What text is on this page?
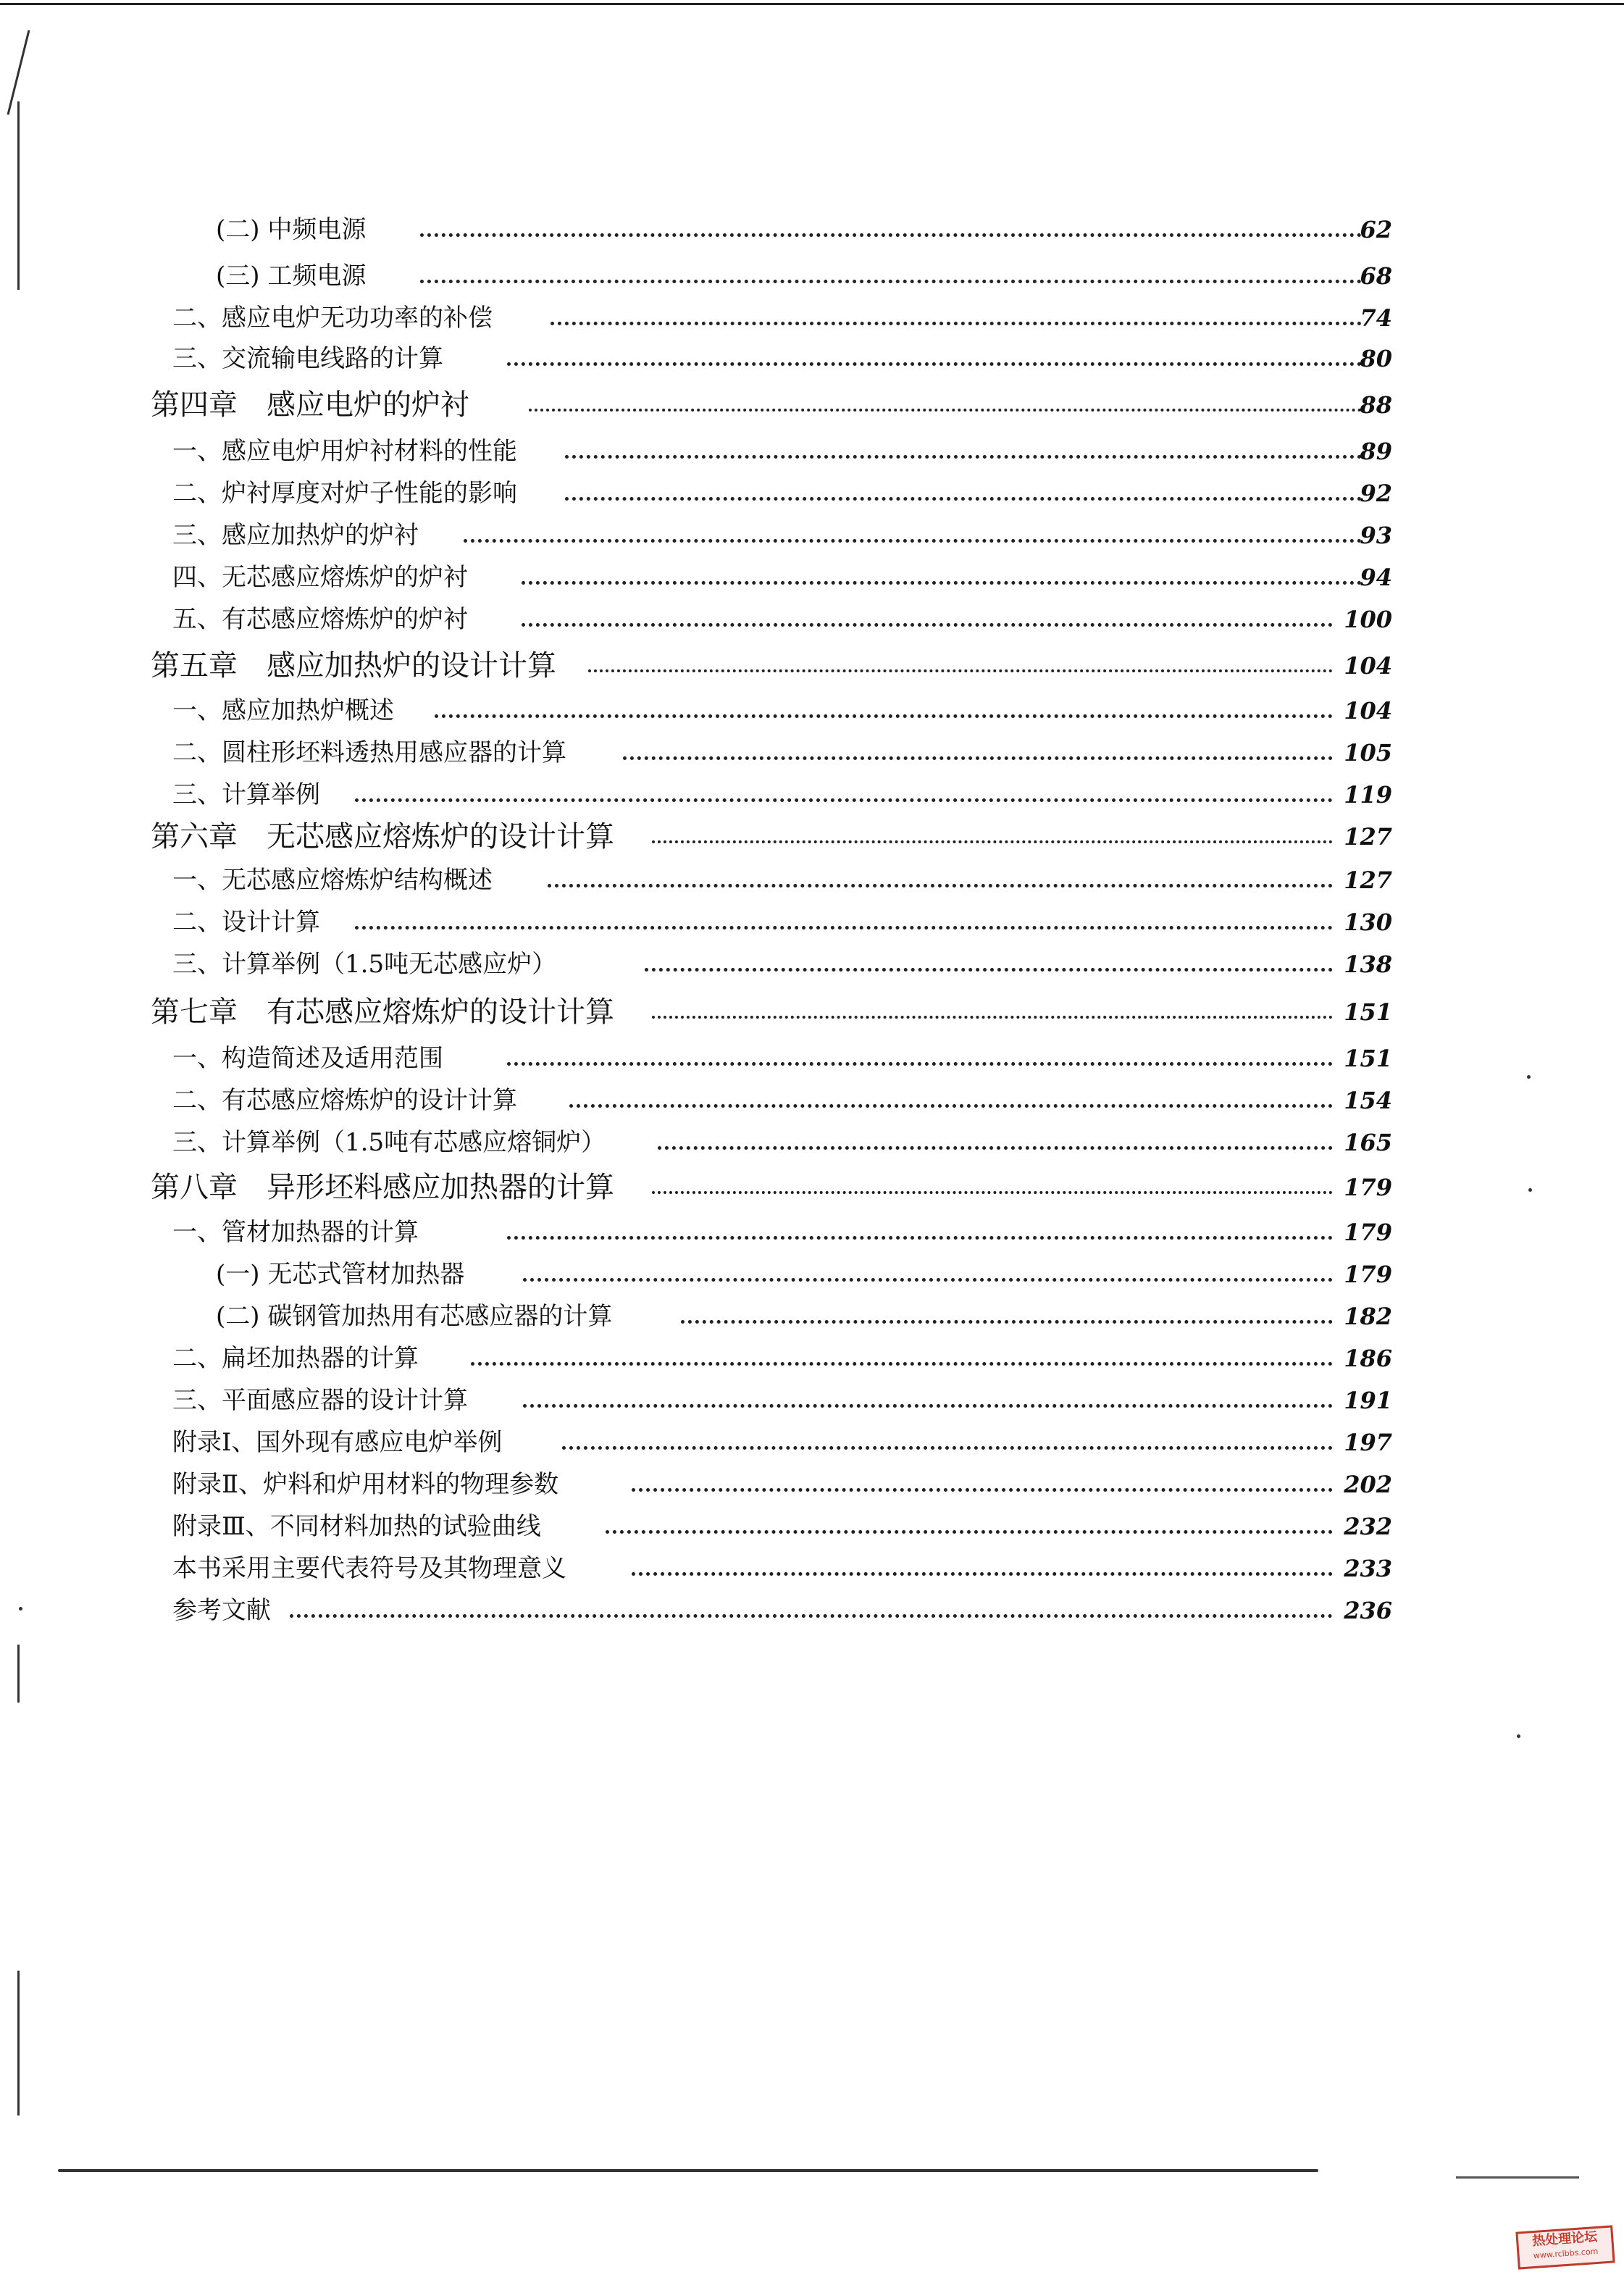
(二) 中频电源	62
(三) 工频电源	68
二、感应电炉无功功率的补偿	74
三、交流输电线路的计算	80
第四章　感应电炉的炉衬	88
一、感应电炉用炉衬材料的性能	89
二、炉衬厚度对炉子性能的影响	92
三、感应加热炉的炉衬	93
四、无芯感应熔炼炉的炉衬	94
五、有芯感应熔炼炉的炉衬	100
第五章　感应加热炉的设计计算	104
一、感应加热炉概述	104
二、圆柱形坯料透热用感应器的计算	105
三、计算举例	119
第六章　无芯感应熔炼炉的设计计算	127
一、无芯感应熔炼炉结构概述	127
二、设计计算	130
三、计算举例（1.5吨无芯感应炉）	138
第七章　有芯感应熔炼炉的设计计算	151
一、构造简述及适用范围	151
二、有芯感应熔炼炉的设计计算	154
三、计算举例（1.5吨有芯感应熔铜炉）	165
第八章　异形坯料感应加热器的计算	179
一、管材加热器的计算	179
(一) 无芯式管材加热器	179
(二) 碳钢管加热用有芯感应器的计算	182
二、扁坯加热器的计算	186
三、平面感应器的设计计算	191
附录Ⅰ、国外现有感应电炉举例	197
附录Ⅱ、炉料和炉用材料的物理参数	202
附录Ⅲ、不同材料加热的试验曲线	232
本书采用主要代表符号及其物理意义	233
参考文献	236
热处理论坛
www.rclbbs.com
